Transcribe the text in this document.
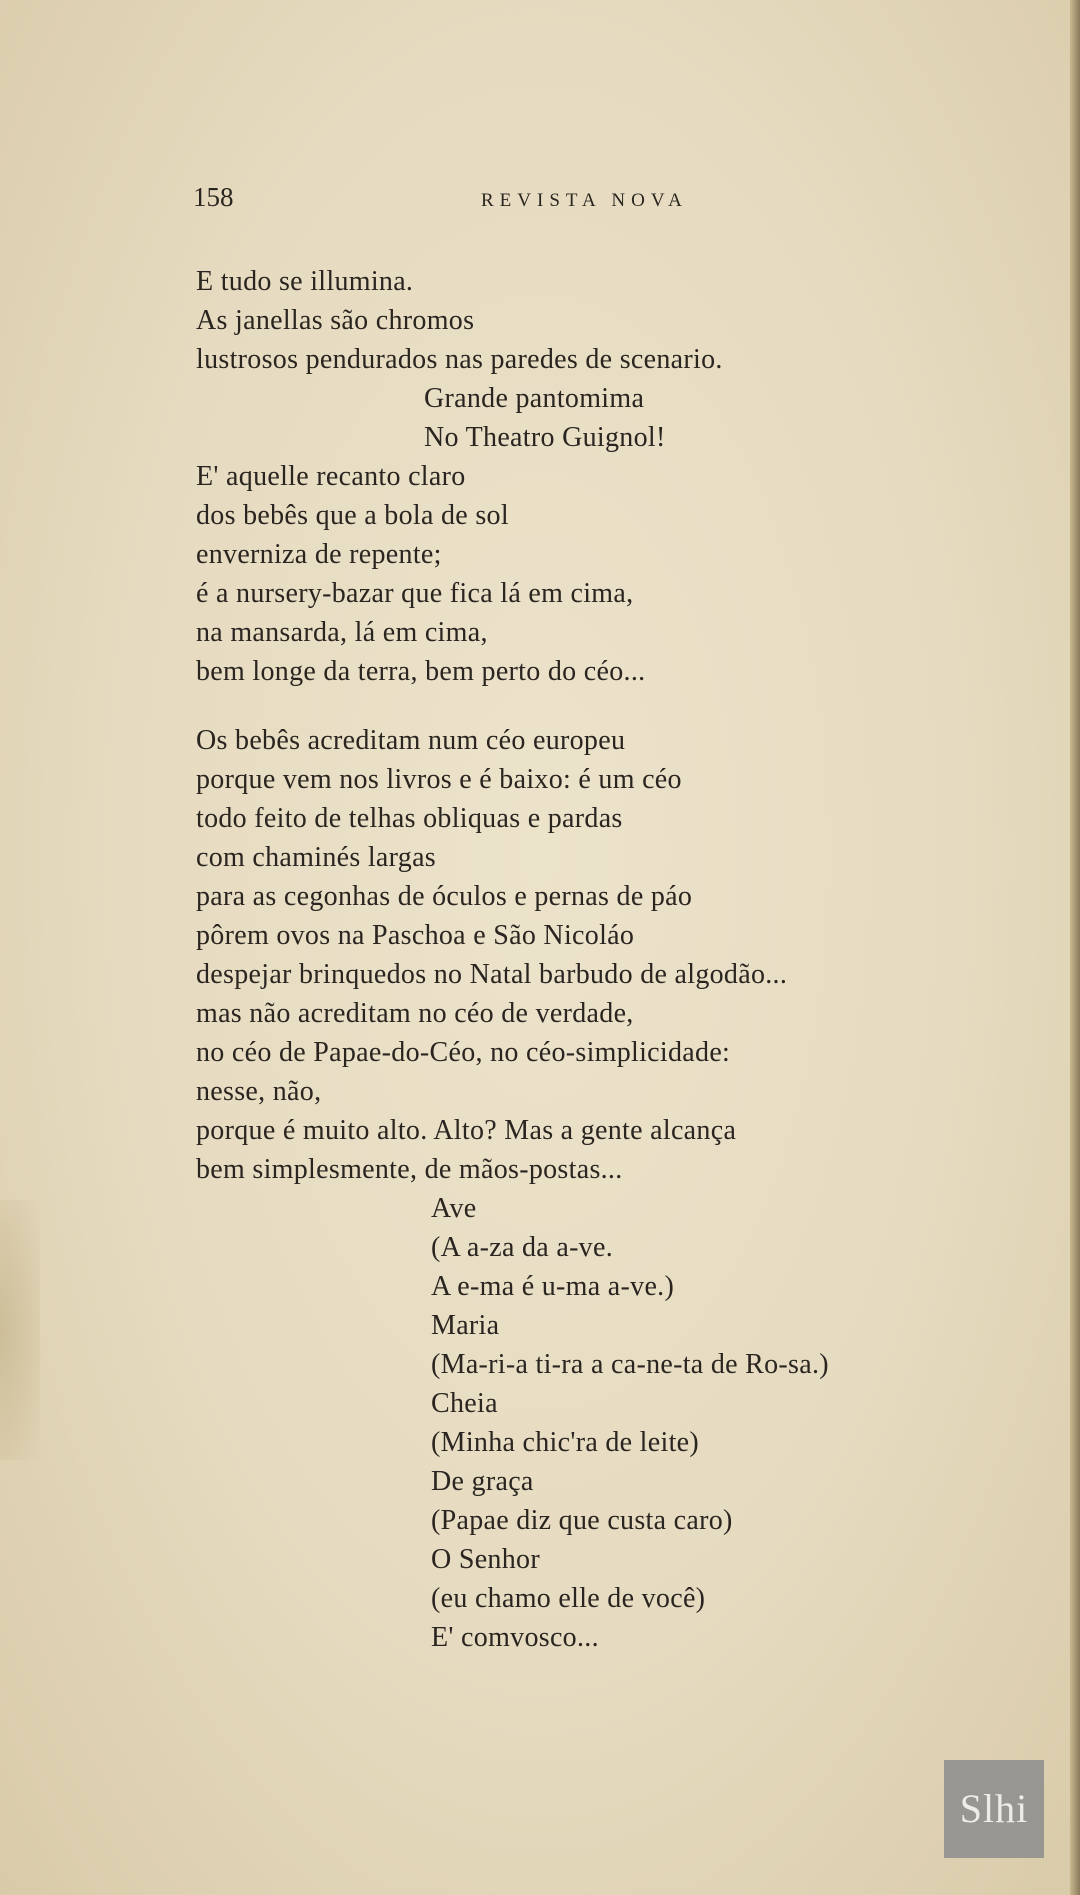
158	REVISTA NOVA
E tudo se illumina.
As janellas são chromos
lustrosos pendurados nas paredes de scenario.
Grande pantomima
No Theatro Guignol!
E' aquelle recanto claro
dos bebês que a bola de sol
enverniza de repente;
é a nursery-bazar que fica lá em cima,
na mansarda, lá em cima,
bem longe da terra, bem perto do céo...
Os bebês acreditam num céo europeu
porque vem nos livros e é baixo: é um céo
todo feito de telhas obliquas e pardas
com chaminés largas
para as cegonhas de óculos e pernas de páo
pôrem ovos na Paschoa e São Nicoláo
despejar brinquedos no Natal barbudo de algodão...
mas não acreditam no céo de verdade,
no céo de Papae-do-Céo, no céo-simplicidade:
nesse, não,
porque é muito alto. Alto? Mas a gente alcança
bem simplesmente, de mãos-postas...
Ave
(A a-za da a-ve.
A e-ma é u-ma a-ve.)
Maria
(Ma-ri-a ti-ra a ca-ne-ta de Ro-sa.)
Cheia
(Minha chic'ra de leite)
De graça
(Papae diz que custa caro)
O Senhor
(eu chamo elle de você)
E' comvosco...
Slhi
